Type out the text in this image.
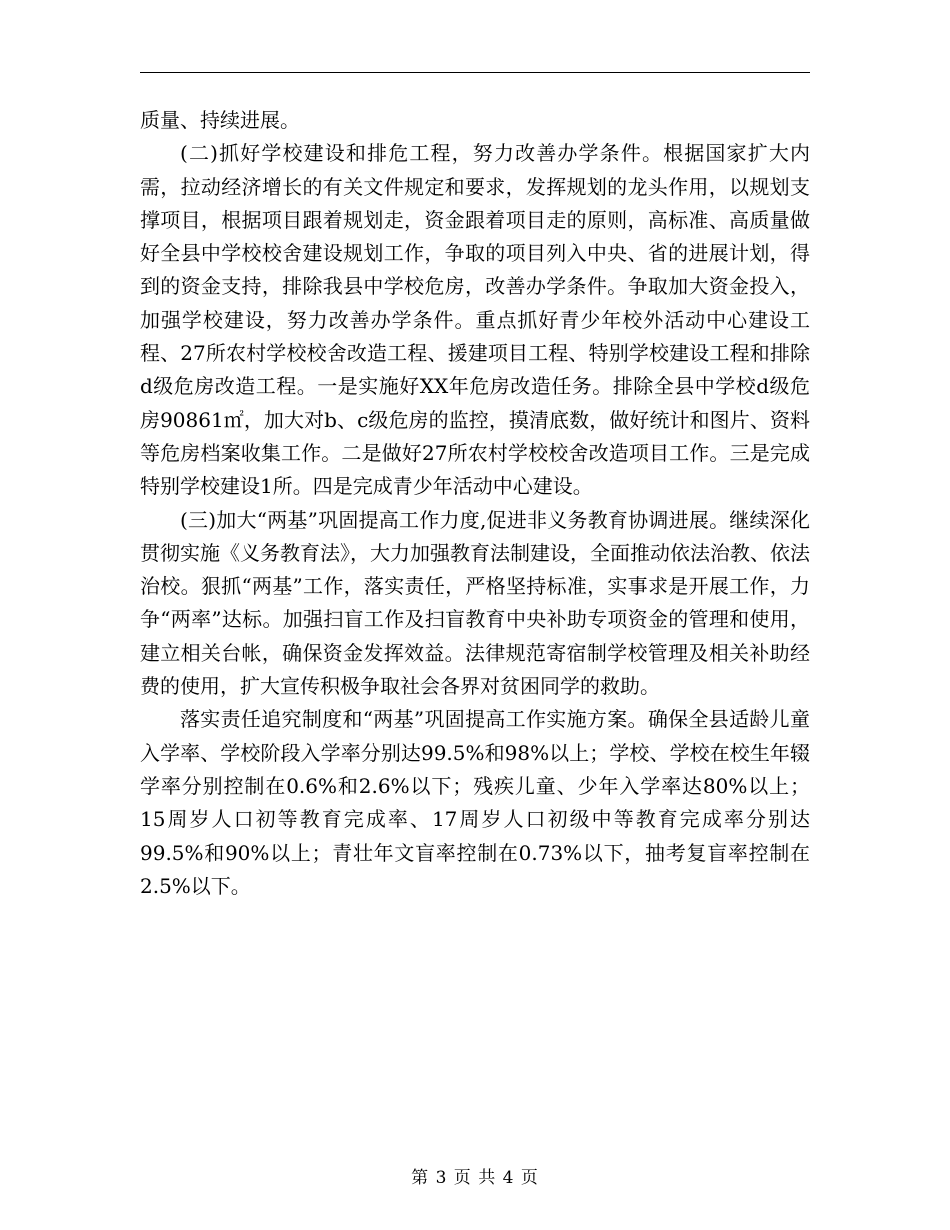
质量、持续进展。

(二)抓好学校建设和排危工程，努力改善办学条件。根据国家扩大内需，拉动经济增长的有关文件规定和要求，发挥规划的龙头作用，以规划支撑项目，根据项目跟着规划走，资金跟着项目走的原则，高标准、高质量做好全县中学校校舍建设规划工作，争取的项目列入中央、省的进展计划，得到的资金支持，排除我县中学校危房，改善办学条件。争取加大资金投入，加强学校建设，努力改善办学条件。重点抓好青少年校外活动中心建设工程、27所农村学校校舍改造工程、援建项目工程、特别学校建设工程和排除d级危房改造工程。一是实施好XX年危房改造任务。排除全县中学校d级危房90861㎡，加大对b、c级危房的监控，摸清底数，做好统计和图片、资料等危房档案收集工作。二是做好27所农村学校校舍改造项目工作。三是完成特别学校建设1所。四是完成青少年活动中心建设。

(三)加大“两基”巩固提高工作力度,促进非义务教育协调进展。继续深化贯彻实施《义务教育法》，大力加强教育法制建设，全面推动依法治教、依法治校。狠抓“两基”工作，落实责任，严格坚持标准，实事求是开展工作，力争“两率”达标。加强扫盲工作及扫盲教育中央补助专项资金的管理和使用，建立相关台帐，确保资金发挥效益。法律规范寄宿制学校管理及相关补助经费的使用，扩大宣传积极争取社会各界对贫困同学的救助。

落实责任追究制度和“两基”巩固提高工作实施方案。确保全县适龄儿童入学率、学校阶段入学率分别达99.5%和98%以上；学校、学校在校生年辍学率分别控制在0.6%和2.6%以下；残疾儿童、少年入学率达80%以上；15周岁人口初等教育完成率、17周岁人口初级中等教育完成率分别达99.5%和90%以上；青壮年文盲率控制在0.73%以下，抽考复盲率控制在2.5%以下。

第 3 页 共 4 页
